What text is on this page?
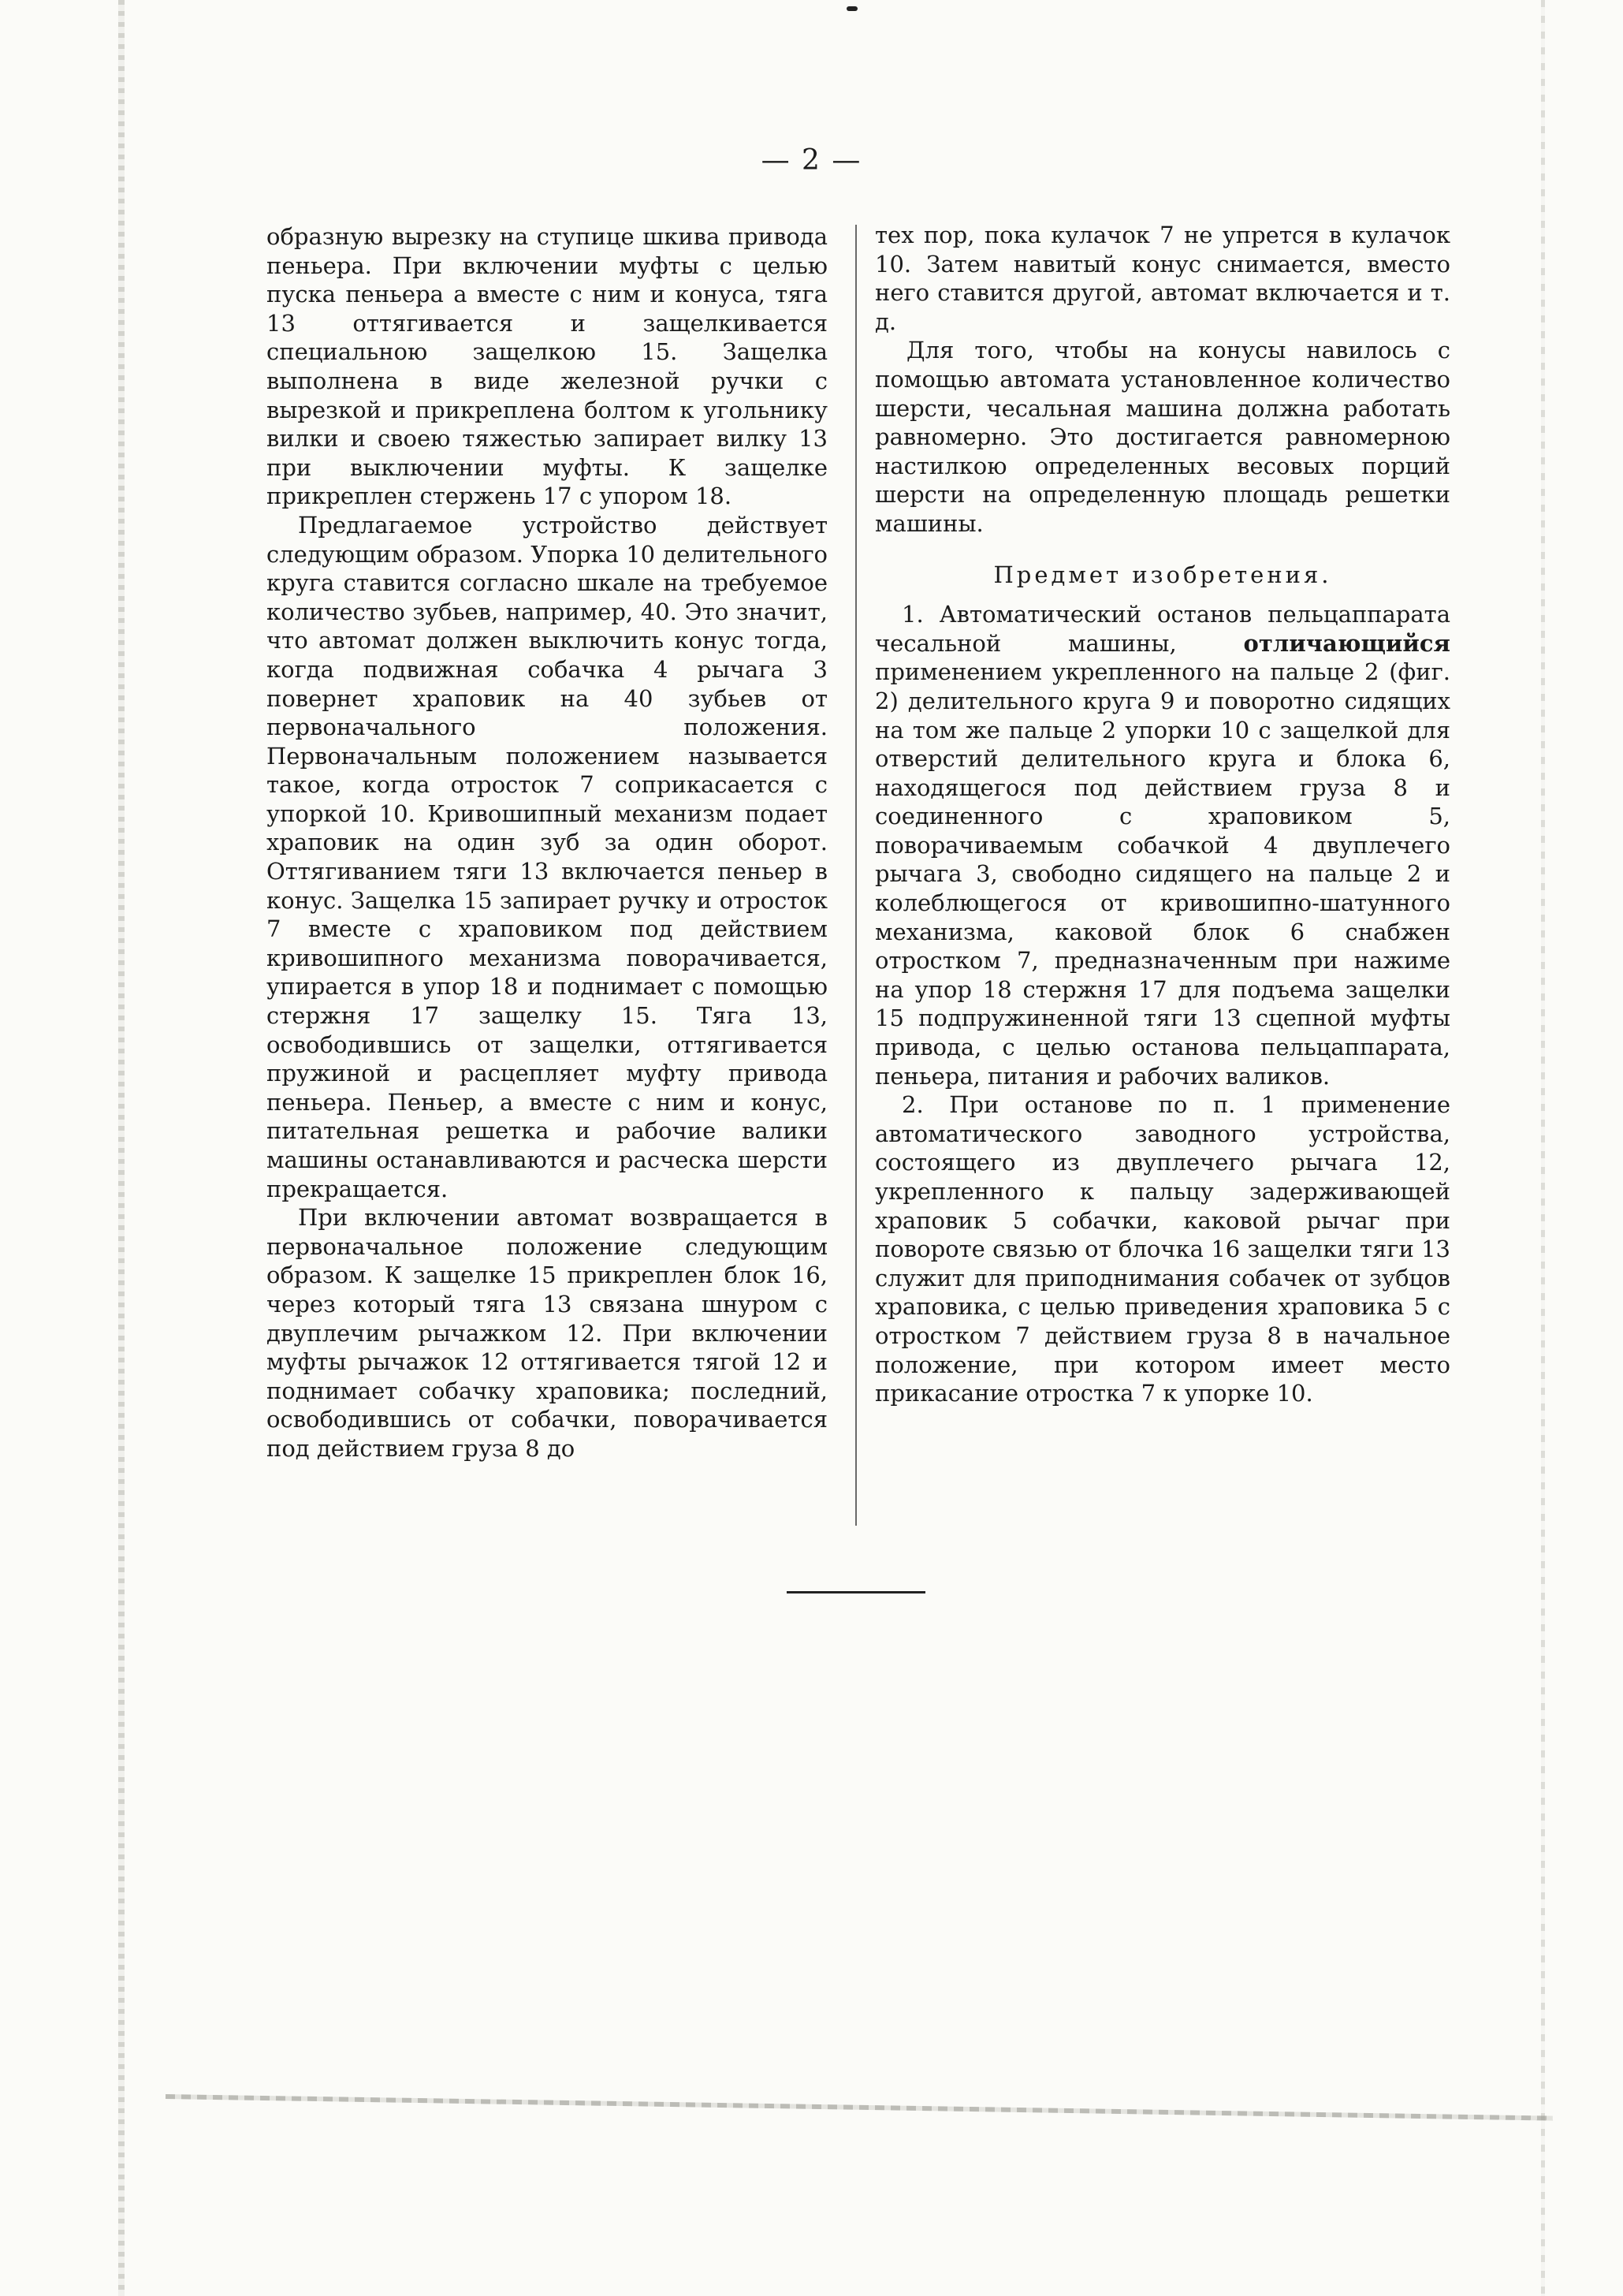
— 2 —

образную вырезку на ступице шкива привода пеньера. При включении муфты с целью пуска пеньера а вместе с ним и конуса, тяга 13 оттягивается и защелкивается специальною защелкою 15. Защелка выполнена в виде железной ручки с вырезкой и прикреплена болтом к угольнику вилки и своею тяжестью запирает вилку 13 при выключении муфты. К защелке прикреплен стержень 17 с упором 18.

Предлагаемое устройство действует следующим образом. Упорка 10 делительного круга ставится согласно шкале на требуемое количество зубьев, например, 40. Это значит, что автомат должен выключить конус тогда, когда подвижная собачка 4 рычага 3 повернет храповик на 40 зубьев от первоначального положения. Первоначальным положением называется такое, когда отросток 7 соприкасается с упоркой 10. Кривошипный механизм подает храповик на один зуб за один оборот. Оттягиванием тяги 13 включается пеньер в конус. Защелка 15 запирает ручку и отросток 7 вместе с храповиком под действием кривошипного механизма поворачивается, упирается в упор 18 и поднимает с помощью стержня 17 защелку 15. Тяга 13, освободившись от защелки, оттягивается пружиной и расцепляет муфту привода пеньера. Пеньер, а вместе с ним и конус, питательная решетка и рабочие валики машины останавливаются и расческа шерсти прекращается.

При включении автомат возвращается в первоначальное положение следующим образом. К защелке 15 прикреплен блок 16, через который тяга 13 связана шнуром с двуплечим рычажком 12. При включении муфты рычажок 12 оттягивается тягой 12 и поднимает собачку храповика; последний, освободившись от собачки, поворачивается под действием груза 8 до

тех пор, пока кулачок 7 не упрется в кулачок 10. Затем навитый конус снимается, вместо него ставится другой, автомат включается и т. д.

Для того, чтобы на конусы навилось с помощью автомата установленное количество шерсти, чесальная машина должна работать равномерно. Это достигается равномерною настилкою определенных весовых порций шерсти на определенную площадь решетки машины.

Предмет изобретения.

1. Автоматический останов пельцаппарата чесальной машины, отличающийся применением укрепленного на пальце 2 (фиг. 2) делительного круга 9 и поворотно сидящих на том же пальце 2 упорки 10 с защелкой для отверстий делительного круга и блока 6, находящегося под действием груза 8 и соединенного с храповиком 5, поворачиваемым собачкой 4 двуплечего рычага 3, свободно сидящего на пальце 2 и колеблющегося от кривошипно-шатунного механизма, каковой блок 6 снабжен отростком 7, предназначенным при нажиме на упор 18 стержня 17 для подъема защелки 15 подпружиненной тяги 13 сцепной муфты привода, с целью останова пельцаппарата, пеньера, питания и рабочих валиков.

2. При останове по п. 1 применение автоматического заводного устройства, состоящего из двуплечего рычага 12, укрепленного к пальцу задерживающей храповик 5 собачки, каковой рычаг при повороте связью от блочка 16 защелки тяги 13 служит для приподнимания собачек от зубцов храповика, с целью приведения храповика 5 с отростком 7 действием груза 8 в начальное положение, при котором имеет место прикасание отростка 7 к упорке 10.
